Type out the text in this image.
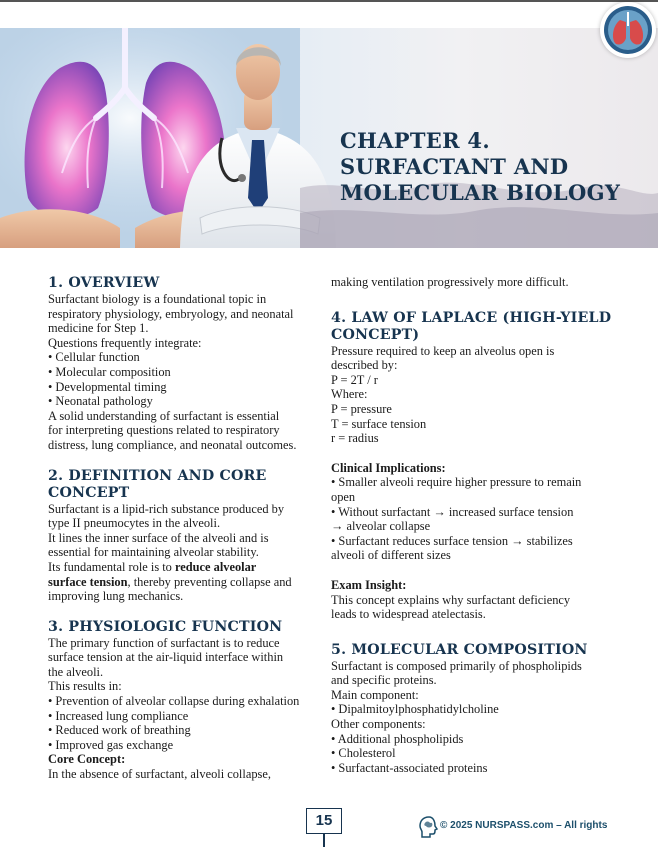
CHAPTER 4.
SURFACTANT AND
MOLECULAR BIOLOGY
1. OVERVIEW
Surfactant biology is a foundational topic in
respiratory physiology, embryology, and neonatal
medicine for Step 1.
Questions frequently integrate:
• Cellular function
• Molecular composition
• Developmental timing
• Neonatal pathology
A solid understanding of surfactant is essential
for interpreting questions related to respiratory
distress, lung compliance, and neonatal outcomes.
2. DEFINITION AND CORE
CONCEPT
Surfactant is a lipid-rich substance produced by
type II pneumocytes in the alveoli.
It lines the inner surface of the alveoli and is
essential for maintaining alveolar stability.
Its fundamental role is to reduce alveolar
surface tension, thereby preventing collapse and
improving lung mechanics.
3. PHYSIOLOGIC FUNCTION
The primary function of surfactant is to reduce
surface tension at the air-liquid interface within
the alveoli.
This results in:
• Prevention of alveolar collapse during exhalation
• Increased lung compliance
• Reduced work of breathing
• Improved gas exchange
Core Concept:
In the absence of surfactant, alveoli collapse,
making ventilation progressively more difficult.
4. LAW OF LAPLACE (HIGH-YIELD
CONCEPT)
Pressure required to keep an alveolus open is
described by:
P = 2T / r
Where:
P = pressure
T = surface tension
r = radius
Clinical Implications:
• Smaller alveoli require higher pressure to remain
open
• Without surfactant → increased surface tension
→ alveolar collapse
• Surfactant reduces surface tension → stabilizes
alveoli of different sizes
Exam Insight:
This concept explains why surfactant deficiency
leads to widespread atelectasis.
5. MOLECULAR COMPOSITION
Surfactant is composed primarily of phospholipids
and specific proteins.
Main component:
• Dipalmitoylphosphatidylcholine
Other components:
• Additional phospholipids
• Cholesterol
• Surfactant-associated proteins
15	© 2025 NURSPASS.com – All rights
